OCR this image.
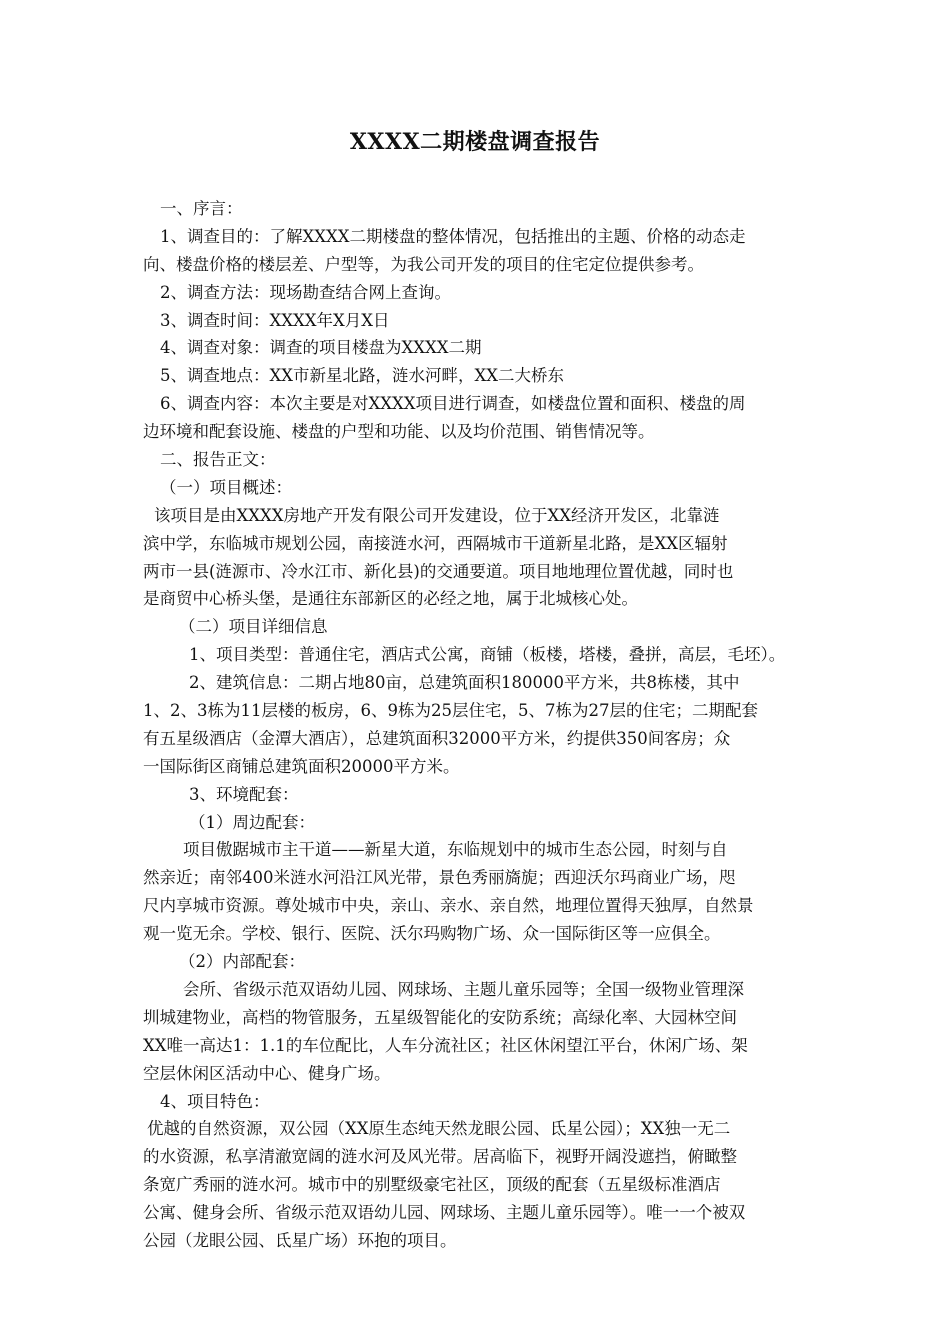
XXXX二期楼盘调查报告
一、序言：
1、调查目的：了解XXXX二期楼盘的整体情况，包括推出的主题、价格的动态走
向、楼盘价格的楼层差、户型等，为我公司开发的项目的住宅定位提供参考。
2、调查方法：现场勘查结合网上查询。
3、调查时间：XXXX年X月X日
4、调查对象：调查的项目楼盘为XXXX二期
5、调查地点：XX市新星北路，涟水河畔，XX二大桥东
6、调查内容：本次主要是对XXXX项目进行调查，如楼盘位置和面积、楼盘的周
边环境和配套设施、楼盘的户型和功能、以及均价范围、销售情况等。
二、报告正文：
（一）项目概述：
该项目是由XXXX房地产开发有限公司开发建设，位于XX经济开发区，北靠涟
滨中学，东临城市规划公园，南接涟水河，西隔城市干道新星北路，是XX区辐射
两市一县(涟源市、冷水江市、新化县)的交通要道。项目地地理位置优越，同时也
是商贸中心桥头堡，是通往东部新区的必经之地，属于北城核心处。
（二）项目详细信息
1、项目类型：普通住宅，酒店式公寓，商铺（板楼，塔楼，叠拼，高层，毛坯）。
2、建筑信息：二期占地80亩，总建筑面积180000平方米，共8栋楼，其中
1、2、3栋为11层楼的板房，6、9栋为25层住宅，5、7栋为27层的住宅；二期配套
有五星级酒店（金潭大酒店），总建筑面积32000平方米，约提供350间客房；众
一国际街区商铺总建筑面积20000平方米。
3、环境配套：
（1）周边配套：
项目傲踞城市主干道——新星大道，东临规划中的城市生态公园，时刻与自
然亲近；南邻400米涟水河沿江风光带，景色秀丽旖旎；西迎沃尔玛商业广场，咫
尺内享城市资源。尊处城市中央，亲山、亲水、亲自然，地理位置得天独厚，自然景
观一览无余。学校、银行、医院、沃尔玛购物广场、众一国际街区等一应俱全。
（2）内部配套：
会所、省级示范双语幼儿园、网球场、主题儿童乐园等；全国一级物业管理深
圳城建物业，高档的物管服务，五星级智能化的安防系统；高绿化率、大园林空间
XX唯一高达1：1.1的车位配比，人车分流社区；社区休闲望江平台，休闲广场、架
空层休闲区活动中心、健身广场。
4、项目特色：
优越的自然资源，双公园（XX原生态纯天然龙眼公园、氐星公园）；XX独一无二
的水资源，私享清澈宽阔的涟水河及风光带。居高临下，视野开阔没遮挡，俯瞰整
条宽广秀丽的涟水河。城市中的别墅级豪宅社区，顶级的配套（五星级标准酒店
公寓、健身会所、省级示范双语幼儿园、网球场、主题儿童乐园等）。唯一一个被双
公园（龙眼公园、氐星广场）环抱的项目。
